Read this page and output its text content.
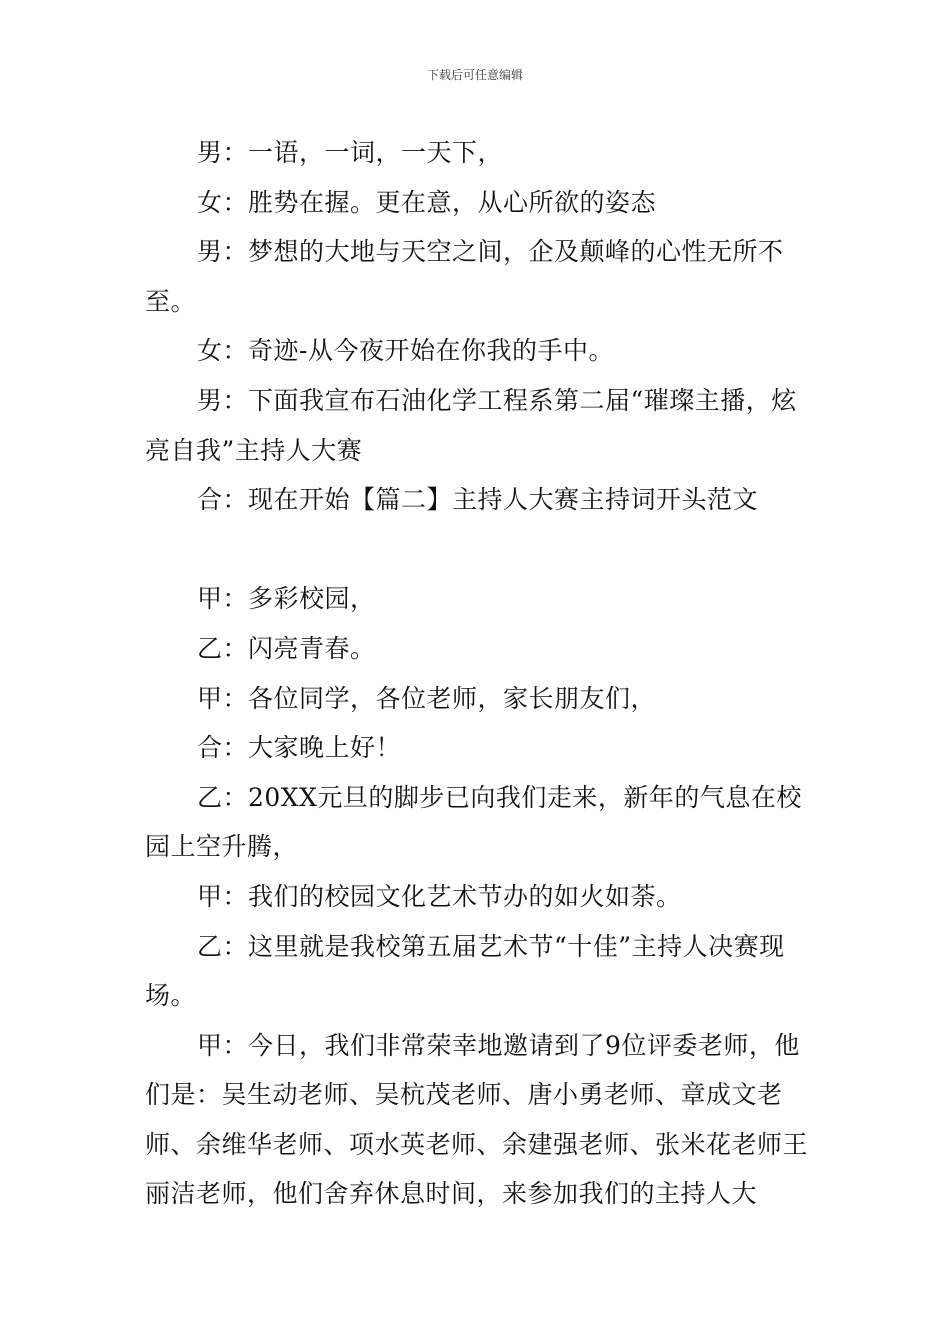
下载后可任意编辑

男：一语，一词，一天下，

女：胜势在握。更在意，从心所欲的姿态

男：梦想的大地与天空之间，企及颠峰的心性无所不至。

女：奇迹-从今夜开始在你我的手中。

男：下面我宣布石油化学工程系第二届“璀璨主播，炫亮自我”主持人大赛

合：现在开始【篇二】主持人大赛主持词开头范文

甲：多彩校园，

乙：闪亮青春。

甲：各位同学，各位老师，家长朋友们，

合：大家晚上好！

乙：20XX元旦的脚步已向我们走来，新年的气息在校园上空升腾，

甲：我们的校园文化艺术节办的如火如荼。

乙：这里就是我校第五届艺术节“十佳”主持人决赛现场。

甲：今日，我们非常荣幸地邀请到了9位评委老师，他们是：吴生动老师、吴杭茂老师、唐小勇老师、章成文老师、余维华老师、项水英老师、余建强老师、张米花老师王丽洁老师，他们舍弃休息时间，来参加我们的主持人大
